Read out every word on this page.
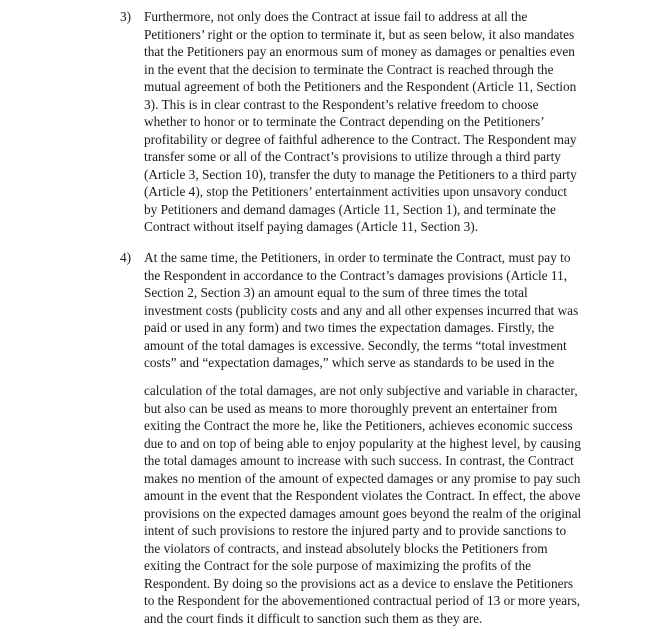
3) Furthermore, not only does the Contract at issue fail to address at all the
Petitioners’ right or the option to terminate it, but as seen below, it also mandates
that the Petitioners pay an enormous sum of money as damages or penalties even
in the event that the decision to terminate the Contract is reached through the
mutual agreement of both the Petitioners and the Respondent (Article 11, Section
3). This is in clear contrast to the Respondent’s relative freedom to choose
whether to honor or to terminate the Contract depending on the Petitioners’
profitability or degree of faithful adherence to the Contract. The Respondent may
transfer some or all of the Contract’s provisions to utilize through a third party
(Article 3, Section 10), transfer the duty to manage the Petitioners to a third party
(Article 4), stop the Petitioners’ entertainment activities upon unsavory conduct
by Petitioners and demand damages (Article 11, Section 1), and terminate the
Contract without itself paying damages (Article 11, Section 3).
4) At the same time, the Petitioners, in order to terminate the Contract, must pay to
the Respondent in accordance to the Contract’s damages provisions (Article 11,
Section 2, Section 3) an amount equal to the sum of three times the total
investment costs (publicity costs and any and all other expenses incurred that was
paid or used in any form) and two times the expectation damages. Firstly, the
amount of the total damages is excessive. Secondly, the terms “total investment
costs” and “expectation damages,” which serve as standards to be used in the
calculation of the total damages, are not only subjective and variable in character,
but also can be used as means to more thoroughly prevent an entertainer from
exiting the Contract the more he, like the Petitioners, achieves economic success
due to and on top of being able to enjoy popularity at the highest level, by causing
the total damages amount to increase with such success. In contrast, the Contract
makes no mention of the amount of expected damages or any promise to pay such
amount in the event that the Respondent violates the Contract. In effect, the above
provisions on the expected damages amount goes beyond the realm of the original
intent of such provisions to restore the injured party and to provide sanctions to
the violators of contracts, and instead absolutely blocks the Petitioners from
exiting the Contract for the sole purpose of maximizing the profits of the
Respondent. By doing so the provisions act as a device to enslave the Petitioners
to the Respondent for the abovementioned contractual period of 13 or more years,
and the court finds it difficult to sanction such them as they are.
